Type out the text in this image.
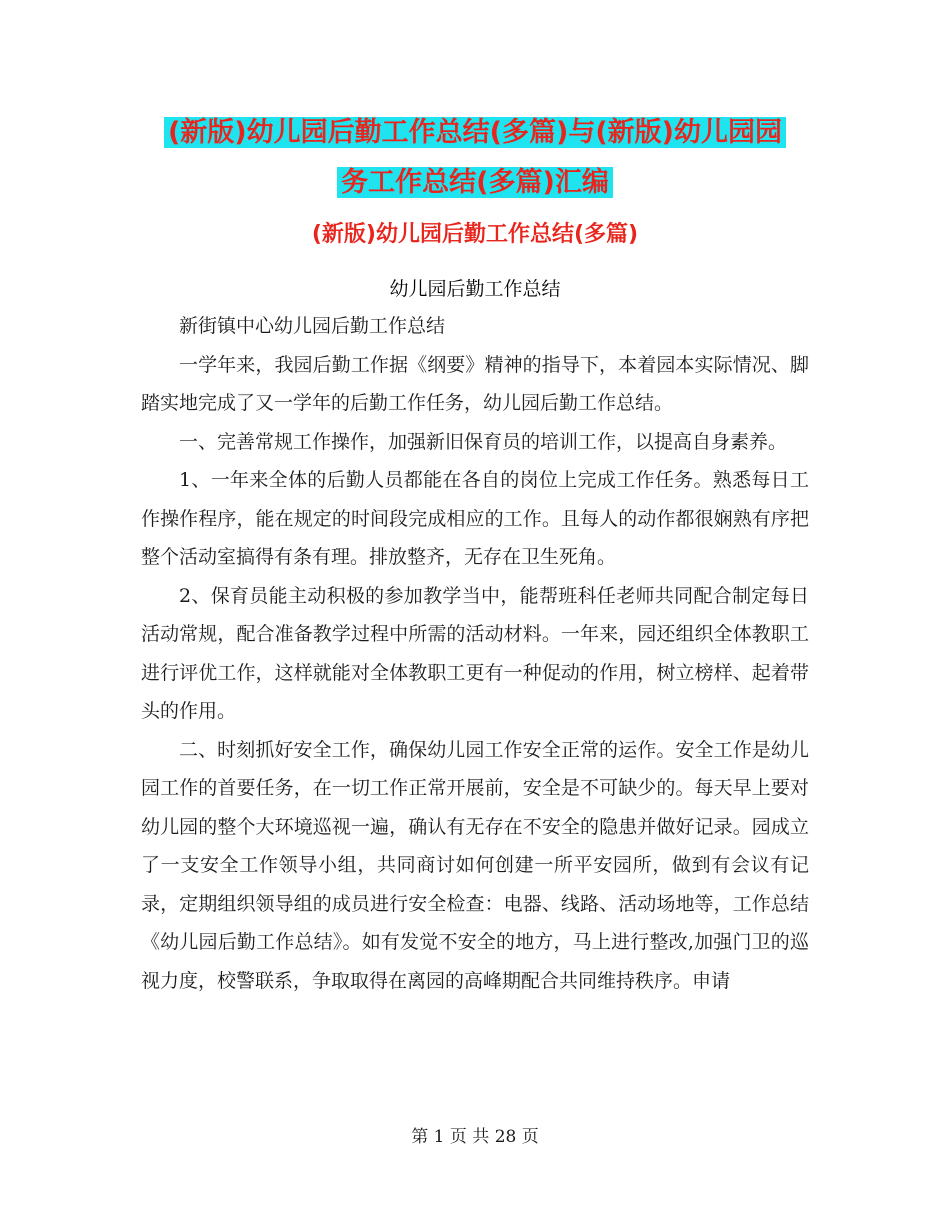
(新版)幼儿园后勤工作总结(多篇)与(新版)幼儿园园
务工作总结(多篇)汇编
(新版)幼儿园后勤工作总结(多篇)
幼儿园后勤工作总结

新街镇中心幼儿园后勤工作总结

一学年来，我园后勤工作据《纲要》精神的指导下，本着园本实际情况、脚踏实地完成了又一学年的后勤工作任务，幼儿园后勤工作总结。

一、完善常规工作操作，加强新旧保育员的培训工作，以提高自身素养。

1、一年来全体的后勤人员都能在各自的岗位上完成工作任务。熟悉每日工作操作程序，能在规定的时间段完成相应的工作。且每人的动作都很娴熟有序把整个活动室搞得有条有理。排放整齐，无存在卫生死角。

2、保育员能主动积极的参加教学当中，能帮班科任老师共同配合制定每日活动常规，配合准备教学过程中所需的活动材料。一年来，园还组织全体教职工进行评优工作，这样就能对全体教职工更有一种促动的作用，树立榜样、起着带头的作用。

二、时刻抓好安全工作，确保幼儿园工作安全正常的运作。安全工作是幼儿园工作的首要任务，在一切工作正常开展前，安全是不可缺少的。每天早上要对幼儿园的整个大环境巡视一遍，确认有无存在不安全的隐患并做好记录。园成立了一支安全工作领导小组，共同商讨如何创建一所平安园所，做到有会议有记录，定期组织领导组的成员进行安全检查：电器、线路、活动场地等，工作总结《幼儿园后勤工作总结》。如有发觉不安全的地方，马上进行整改,加强门卫的巡视力度，校警联系，争取取得在离园的高峰期配合共同维持秩序。申请

第 1 页 共 28 页
